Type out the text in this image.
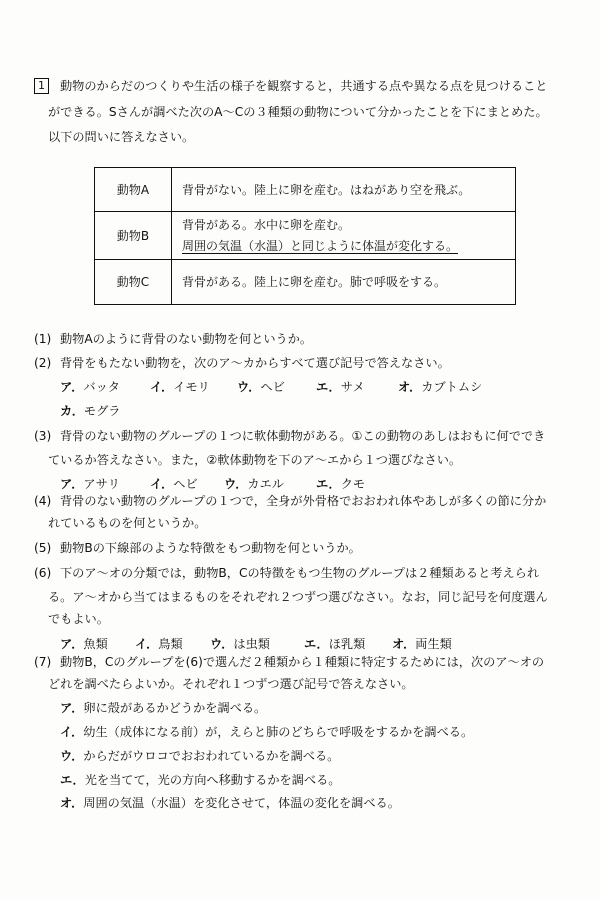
1	動物のからだのつくりや生活の様子を観察すると，共通する点や異なる点を見つけること
ができる。Sさんが調べた次のA～Cの３種類の動物について分かったことを下にまとめた。
以下の問いに答えなさい。
動物A	背骨がない。陸上に卵を産む。はねがあり空を飛ぶ。
動物B	背骨がある。水中に卵を産む。
周囲の気温（水温）と同じように体温が変化する。

動物C	背骨がある。陸上に卵を産む。肺で呼吸をする。
(1) 動物Aのように背骨のない動物を何というか。
(2) 背骨をもたない動物を，次のア～カからすべて選び記号で答えなさい。
ア．バッタ イ．イモリ ウ．ヘビ	エ．サメ	オ．カブトムシ
カ．モグラ
(3) 背骨のない動物のグループの１つに軟体動物がある。①この動物のあしはおもに何ででき
ているか答えなさい。また，②軟体動物を下のア～エから１つ選びなさい。
ア．アサリ イ．ヘビ ウ．カエル	エ．クモ
(4) 背骨のない動物のグループの１つで，全身が外骨格でおおわれ体やあしが多くの節に分か
れているものを何というか。
(5) 動物Bの下線部のような特徴をもつ動物を何というか。
(6) 下のア～オの分類では，動物B，Cの特徴をもつ生物のグループは２種類あると考えられ
る。ア～オから当てはまるものをそれぞれ２つずつ選びなさい。なお，同じ記号を何度選ん
でもよい。
ア．魚類 イ．鳥類 ウ．は虫類	エ．ほ乳類 オ．両生類
(7) 動物B，Cのグループを(6)で選んだ２種類から１種類に特定するためには，次のア～オの
どれを調べたらよいか。それぞれ１つずつ選び記号で答えなさい。
ア．卵に殻があるかどうかを調べる。
イ．幼生（成体になる前）が，えらと肺のどちらで呼吸をするかを調べる。
ウ．からだがウロコでおおわれているかを調べる。
エ．光を当てて，光の方向へ移動するかを調べる。
オ．周囲の気温（水温）を変化させて，体温の変化を調べる。
